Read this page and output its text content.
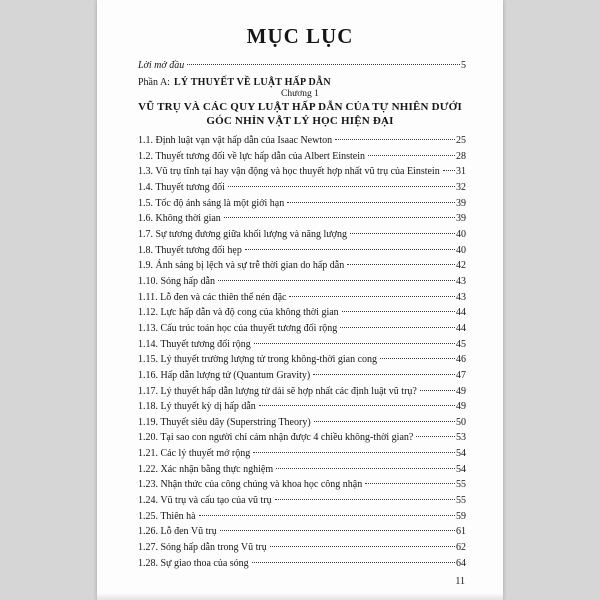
MỤC LỤC
Lời mở đầu	5
Phần A: LÝ THUYẾT VỀ LUẬT HẤP DẪN
Chương 1
VŨ TRỤ VÀ CÁC QUY LUẬT HẤP DẪN CỦA TỰ NHIÊN DƯỚI GÓC NHÌN VẬT LÝ HỌC HIỆN ĐẠI
1.1. Định luật vạn vật hấp dẫn của Isaac Newton	25
1.2. Thuyết tương đối về lực hấp dẫn của Albert Einstein	28
1.3. Vũ trụ tĩnh tại hay vận động và học thuyết hợp nhất vũ trụ của Einstein 31
1.4. Thuyết tương đối	32
1.5. Tốc độ ánh sáng là một giới hạn	39
1.6. Không thời gian	39
1.7. Sự tương đương giữa khối lượng và năng lượng	40
1.8. Thuyết tương đối hẹp	40
1.9. Ánh sáng bị lệch và sự trễ thời gian do hấp dẫn	42
1.10. Sóng hấp dẫn	43
1.11. Lỗ đen và các thiên thể nén đặc	43
1.12. Lực hấp dẫn và độ cong của không thời gian	44
1.13. Cấu trúc toán học của thuyết tương đối rộng	44
1.14. Thuyết tương đối rộng	45
1.15. Lý thuyết trường lượng tử trong không-thời gian cong	46
1.16. Hấp dẫn lượng tử (Quantum Gravity)	47
1.17. Lý thuyết hấp dẫn lượng tử dải sẽ hợp nhất các định luật vũ trụ?	49
1.18. Lý thuyết kỳ dị hấp dẫn	49
1.19. Thuyết siêu dây (Superstring Theory)	50
1.20. Tại sao con người chỉ cảm nhận được 4 chiều không-thời gian?	53
1.21. Các lý thuyết mở rộng	54
1.22. Xác nhận bằng thực nghiệm	54
1.23. Nhận thức của công chúng và khoa học công nhận	55
1.24. Vũ trụ và cấu tạo của vũ trụ	55
1.25. Thiên hà	59
1.26. Lỗ đen Vũ trụ	61
1.27. Sóng hấp dẫn trong Vũ trụ	62
1.28. Sự giao thoa của sóng	64
11
